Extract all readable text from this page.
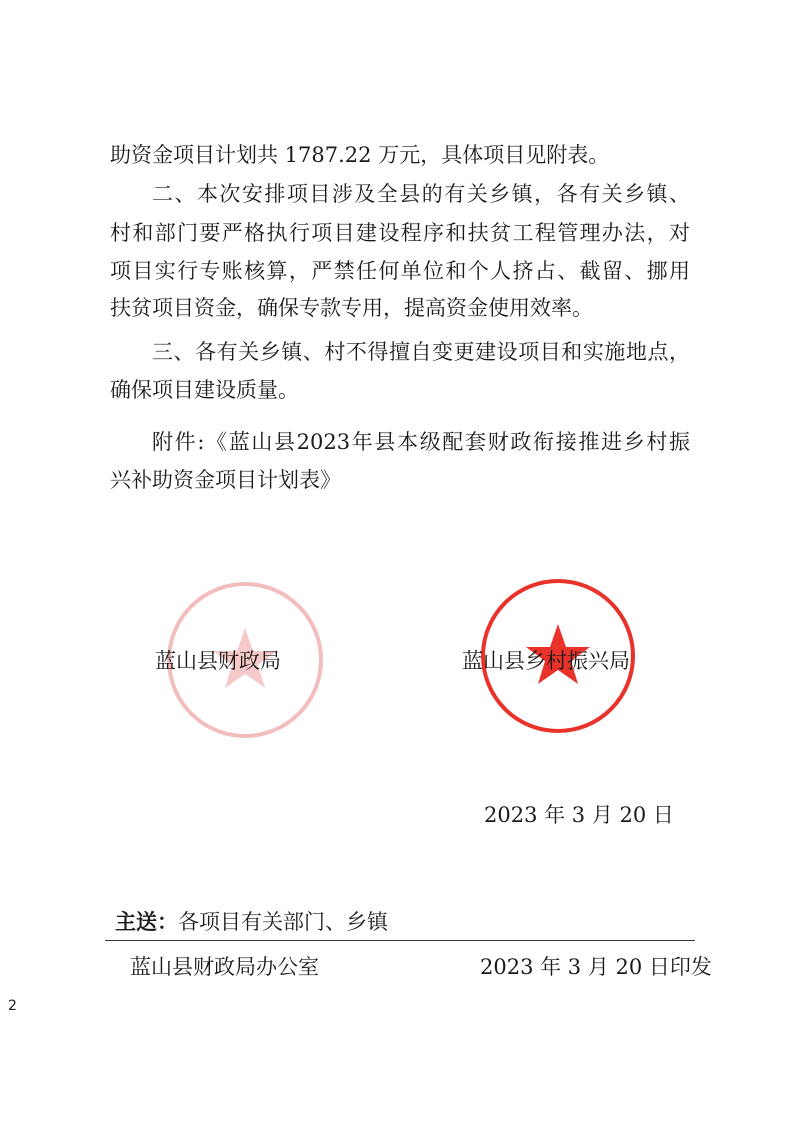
助资金项目计划共 1787.22 万元，具体项目见附表。
二、本次安排项目涉及全县的有关乡镇，各有关乡镇、
村和部门要严格执行项目建设程序和扶贫工程管理办法，对
项目实行专账核算，严禁任何单位和个人挤占、截留、挪用
扶贫项目资金，确保专款专用，提高资金使用效率。
三、各有关乡镇、村不得擅自变更建设项目和实施地点，
确保项目建设质量。
附件:《蓝山县2023年县本级配套财政衔接推进乡村振
兴补助资金项目计划表》
蓝山县财政局	蓝山县乡村振兴局
2023 年 3 月 20 日
主送：各项目有关部门、乡镇
蓝山县财政局办公室	2023 年 3 月 20 日印发
2
